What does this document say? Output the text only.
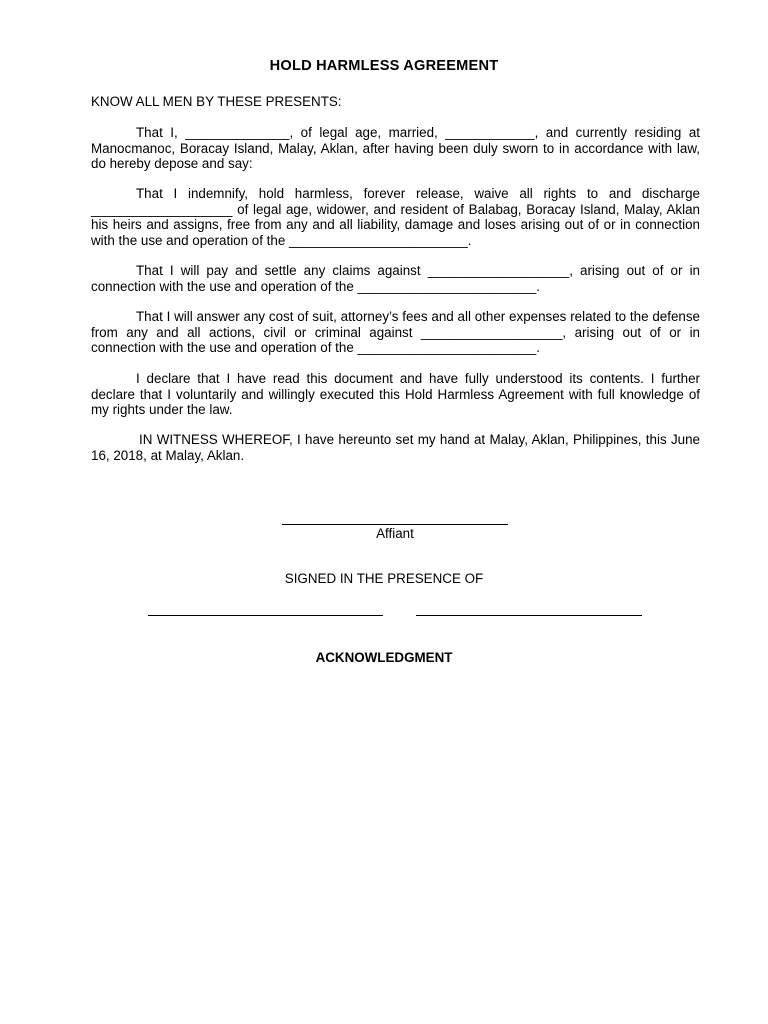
HOLD HARMLESS AGREEMENT
KNOW ALL MEN BY THESE PRESENTS:
That I, ______________, of legal age, married, ____________, and currently residing at Manocmanoc, Boracay Island, Malay, Aklan, after having been duly sworn to in accordance with law, do hereby depose and say:
That I indemnify, hold harmless, forever release, waive all rights to and discharge ___________________ of legal age, widower, and resident of Balabag, Boracay Island, Malay, Aklan his heirs and assigns, free from any and all liability, damage and loses arising out of or in connection with the use and operation of the ________________________.
That I will pay and settle any claims against ___________________, arising out of or in connection with the use and operation of the ________________________.
That I will answer any cost of suit, attorney’s fees and all other expenses related to the defense from any and all actions, civil or criminal against ___________________, arising out of or in connection with the use and operation of the ________________________.
I declare that I have read this document and have fully understood its contents. I further declare that I voluntarily and willingly executed this Hold Harmless Agreement with full knowledge of my rights under the law.
IN WITNESS WHEREOF, I have hereunto set my hand at Malay, Aklan, Philippines, this June 16, 2018, at Malay, Aklan.
Affiant
SIGNED IN THE PRESENCE OF
ACKNOWLEDGMENT
